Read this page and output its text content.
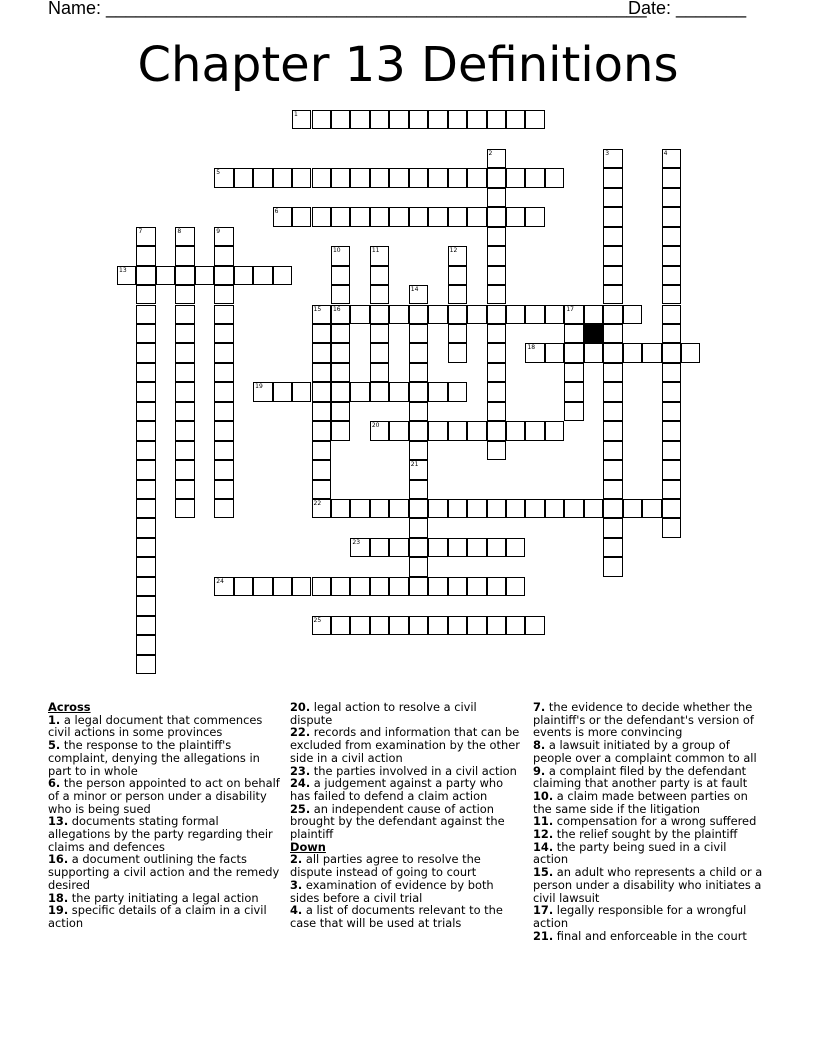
Name: ______________________________________________________
Date: _______
Chapter 13 Definitions
1
2	3	4
5
6
7	8	9
10
16
11	12
13
14
15	17
18
19
20
21
22
23
24
25
Across
1. a legal document that commences civil actions in some provinces
5. the response to the plaintiff's complaint, denying the allegations in part to in whole
6. the person appointed to act on behalf of a minor or person under a disability who is being sued
13. documents stating formal allegations by the party regarding their claims and defences
16. a document outlining the facts supporting a civil action and the remedy desired
18. the party initiating a legal action
19. specific details of a claim in a civil action
20. legal action to resolve a civil dispute
22. records and information that can be excluded from examination by the other side in a civil action
23. the parties involved in a civil action
24. a judgement against a party who has failed to defend a claim action
25. an independent cause of action brought by the defendant against the plaintiff
Down
2. all parties agree to resolve the dispute instead of going to court
3. examination of evidence by both sides before a civil trial
4. a list of documents relevant to the case that will be used at trials
7. the evidence to decide whether the plaintiff's or the defendant's version of events is more convincing
8. a lawsuit initiated by a group of people over a complaint common to all
9. a complaint filed by the defendant claiming that another party is at fault
10. a claim made between parties on the same side if the litigation
11. compensation for a wrong suffered
12. the relief sought by the plaintiff
14. the party being sued in a civil action
15. an adult who represents a child or a person under a disability who initiates a civil lawsuit
17. legally responsible for a wrongful action
21. final and enforceable in the court
